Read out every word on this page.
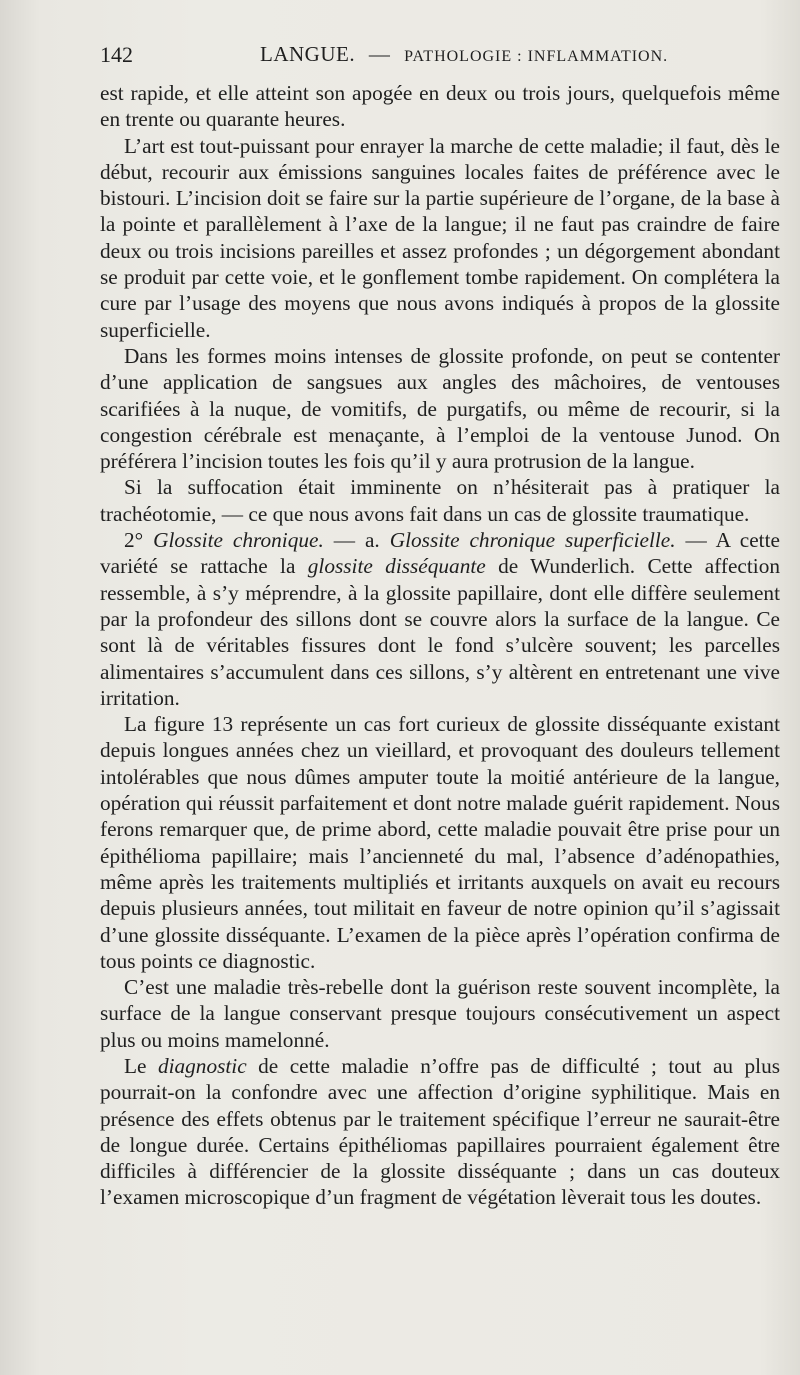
142	LANGUE. — PATHOLOGIE : INFLAMMATION.

est rapide, et elle atteint son apogée en deux ou trois jours, quelquefois même en trente ou quarante heures.

L’art est tout-puissant pour enrayer la marche de cette maladie; il faut, dès le début, recourir aux émissions sanguines locales faites de préférence avec le bistouri. L’incision doit se faire sur la partie supérieure de l’organe, de la base à la pointe et parallèlement à l’axe de la langue; il ne faut pas craindre de faire deux ou trois incisions pareilles et assez profondes ; un dégorgement abondant se produit par cette voie, et le gonflement tombe rapidement. On complétera la cure par l’usage des moyens que nous avons indiqués à propos de la glossite superficielle.

Dans les formes moins intenses de glossite profonde, on peut se contenter d’une application de sangsues aux angles des mâchoires, de ventouses scarifiées à la nuque, de vomitifs, de purgatifs, ou même de recourir, si la congestion cérébrale est menaçante, à l’emploi de la ventouse Junod. On préférera l’incision toutes les fois qu’il y aura protrusion de la langue.

Si la suffocation était imminente on n’hésiterait pas à pratiquer la trachéotomie, — ce que nous avons fait dans un cas de glossite traumatique.

2° Glossite chronique. — a. Glossite chronique superficielle. — A cette variété se rattache la glossite disséquante de Wunderlich. Cette affection ressemble, à s’y méprendre, à la glossite papillaire, dont elle diffère seulement par la profondeur des sillons dont se couvre alors la surface de la langue. Ce sont là de véritables fissures dont le fond s’ulcère souvent; les parcelles alimentaires s’accumulent dans ces sillons, s’y altèrent en entretenant une vive irritation.

La figure 13 représente un cas fort curieux de glossite disséquante existant depuis longues années chez un vieillard, et provoquant des douleurs tellement intolérables que nous dûmes amputer toute la moitié antérieure de la langue, opération qui réussit parfaitement et dont notre malade guérit rapidement. Nous ferons remarquer que, de prime abord, cette maladie pouvait être prise pour un épithélioma papillaire; mais l’ancienneté du mal, l’absence d’adénopathies, même après les traitements multipliés et irritants auxquels on avait eu recours depuis plusieurs années, tout militait en faveur de notre opinion qu’il s’agissait d’une glossite disséquante. L’examen de la pièce après l’opération confirma de tous points ce diagnostic.

C’est une maladie très-rebelle dont la guérison reste souvent incomplète, la surface de la langue conservant presque toujours consécutivement un aspect plus ou moins mamelonné.

Le diagnostic de cette maladie n’offre pas de difficulté ; tout au plus pourrait-on la confondre avec une affection d’origine syphilitique. Mais en présence des effets obtenus par le traitement spécifique l’erreur ne saurait-être de longue durée. Certains épithéliomas papillaires pourraient également être difficiles à différencier de la glossite disséquante ; dans un cas douteux l’examen microscopique d’un fragment de végétation lèverait tous les doutes.
